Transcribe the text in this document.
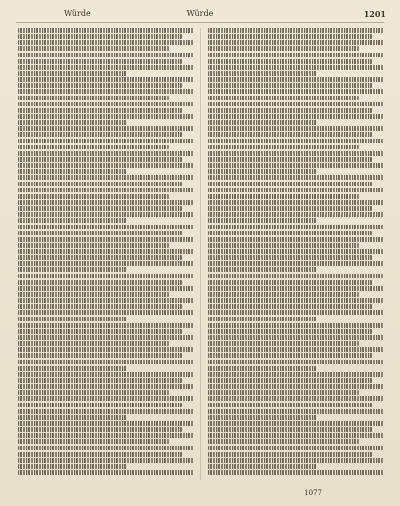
Würde	Würde	1201
1077
